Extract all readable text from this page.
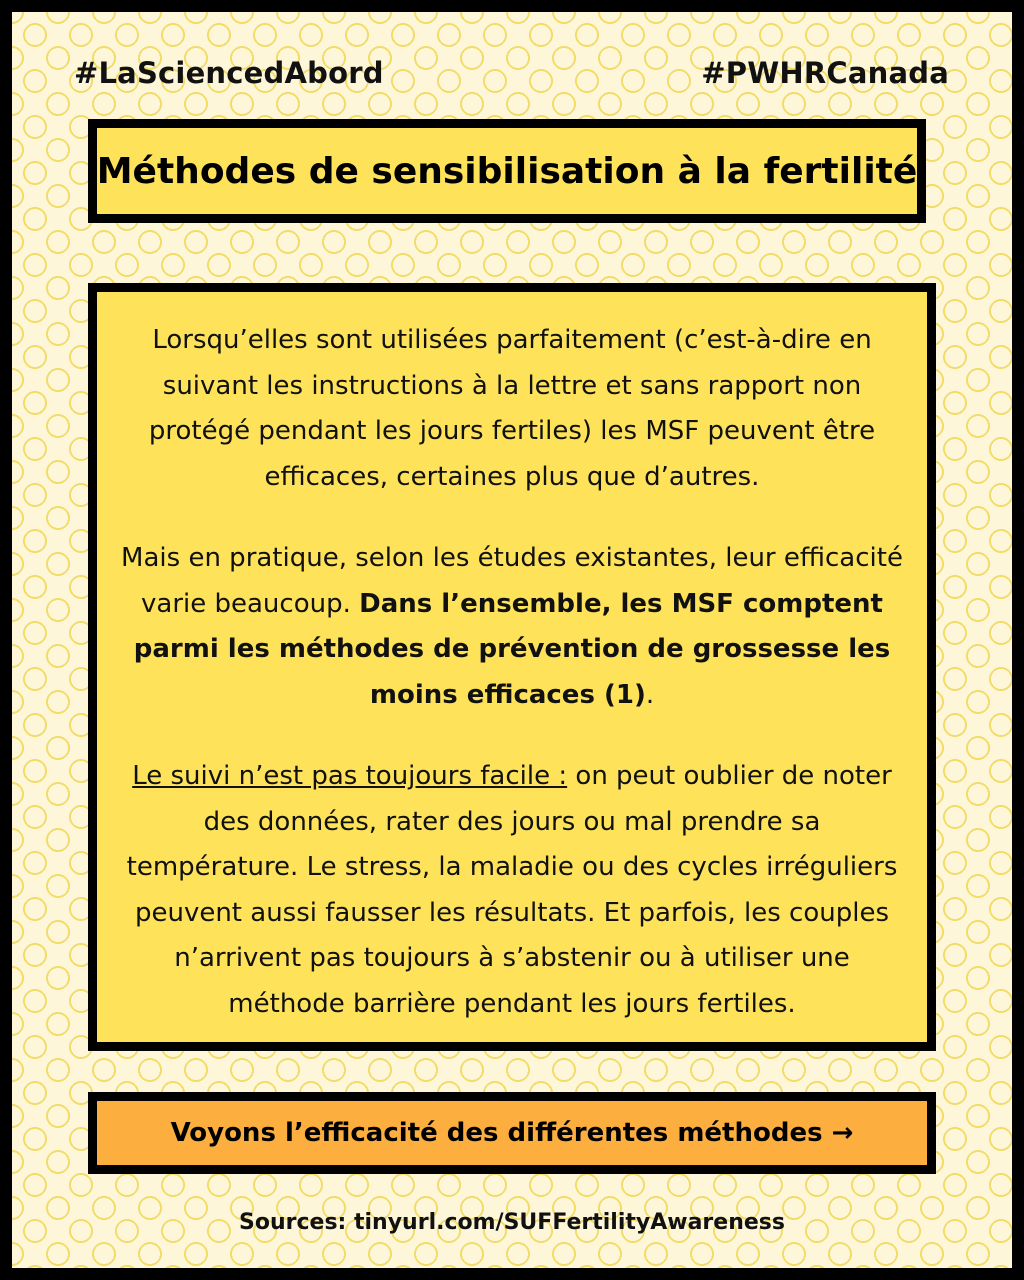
#LaSciencedAbord	#PWHRCanada
Méthodes de sensibilisation à la fertilité

Lorsqu’elles sont utilisées parfaitement (c’est-à-dire en suivant les instructions à la lettre et sans rapport non protégé pendant les jours fertiles) les MSF peuvent être efficaces, certaines plus que d’autres.

Mais en pratique, selon les études existantes, leur efficacité varie beaucoup. Dans l’ensemble, les MSF comptent parmi les méthodes de prévention de grossesse les moins efficaces (1).

Le suivi n’est pas toujours facile : on peut oublier de noter des données, rater des jours ou mal prendre sa température. Le stress, la maladie ou des cycles irréguliers peuvent aussi fausser les résultats. Et parfois, les couples n’arrivent pas toujours à s’abstenir ou à utiliser une méthode barrière pendant les jours fertiles.

Voyons l’efficacité des différentes méthodes →
Sources: tinyurl.com/SUFFertilityAwareness
